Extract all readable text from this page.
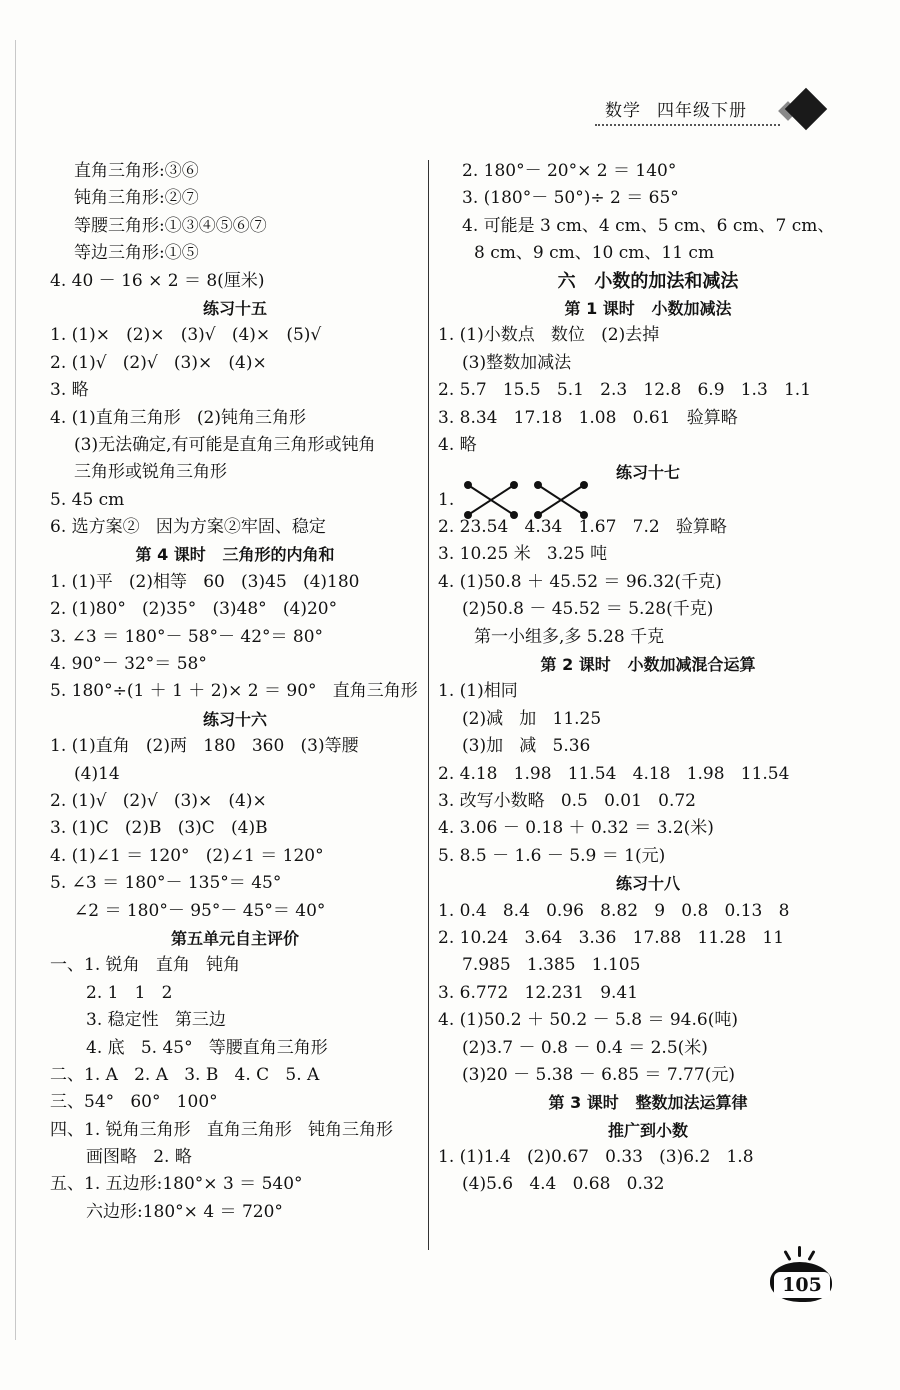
数学 四年级下册
直角三角形:③⑥
钝角三角形:②⑦
等腰三角形:①③④⑤⑥⑦
等边三角形:①⑤
4. 40 － 16 × 2 ＝ 8(厘米)
练习十五
1. (1)×   (2)×   (3)√   (4)×   (5)√
2. (1)√   (2)√   (3)×   (4)×
3. 略
4. (1)直角三角形   (2)钝角三角形
(3)无法确定,有可能是直角三角形或钝角
三角形或锐角三角形
5. 45 cm
6. 选方案②   因为方案②牢固、稳定
第 4 课时   三角形的内角和
1. (1)平   (2)相等   60   (3)45   (4)180
2. (1)80°   (2)35°   (3)48°   (4)20°
3. ∠3 ＝ 180°－ 58°－ 42°＝ 80°
4. 90°－ 32°＝ 58°
5. 180°÷(1 ＋ 1 ＋ 2)× 2 ＝ 90°   直角三角形
练习十六
1. (1)直角   (2)两   180   360   (3)等腰
(4)14
2. (1)√   (2)√   (3)×   (4)×
3. (1)C   (2)B   (3)C   (4)B
4. (1)∠1 ＝ 120°   (2)∠1 ＝ 120°
5. ∠3 ＝ 180°－ 135°＝ 45°
∠2 ＝ 180°－ 95°－ 45°＝ 40°
第五单元自主评价
一、1. 锐角   直角   钝角
2. 1   1   2
3. 稳定性   第三边
4. 底   5. 45°   等腰直角三角形
二、1. A   2. A   3. B   4. C   5. A
三、54°   60°   100°
四、1. 锐角三角形   直角三角形   钝角三角形
画图略   2. 略
五、1. 五边形:180°× 3 ＝ 540°
六边形:180°× 4 ＝ 720°
2. 180°－ 20°× 2 ＝ 140°
3. (180°－ 50°)÷ 2 ＝ 65°
4. 可能是 3 cm、4 cm、5 cm、6 cm、7 cm、
8 cm、9 cm、10 cm、11 cm
六   小数的加法和减法
第 1 课时   小数加减法
1. (1)小数点   数位   (2)去掉
(3)整数加减法
2. 5.7   15.5   5.1   2.3   12.8   6.9   1.3   1.1
3. 8.34   17.18   1.08   0.61   验算略
4. 略
练习十七
1.
2. 23.54   4.34   1.67   7.2   验算略
3. 10.25 米   3.25 吨
4. (1)50.8 ＋ 45.52 ＝ 96.32(千克)
(2)50.8 － 45.52 ＝ 5.28(千克)
第一小组多,多 5.28 千克
第 2 课时   小数加减混合运算
1. (1)相同
(2)减   加   11.25
(3)加   减   5.36
2. 4.18   1.98   11.54   4.18   1.98   11.54
3. 改写小数略   0.5   0.01   0.72
4. 3.06 － 0.18 ＋ 0.32 ＝ 3.2(米)
5. 8.5 － 1.6 － 5.9 ＝ 1(元)
练习十八
1. 0.4   8.4   0.96   8.82   9   0.8   0.13   8
2. 10.24   3.64   3.36   17.88   11.28   11
7.985   1.385   1.105
3. 6.772   12.231   9.41
4. (1)50.2 ＋ 50.2 － 5.8 ＝ 94.6(吨)
(2)3.7 － 0.8 － 0.4 ＝ 2.5(米)
(3)20 － 5.38 － 6.85 ＝ 7.77(元)
第 3 课时   整数加法运算律
推广到小数
1. (1)1.4   (2)0.67   0.33   (3)6.2   1.8
(4)5.6   4.4   0.68   0.32
105
